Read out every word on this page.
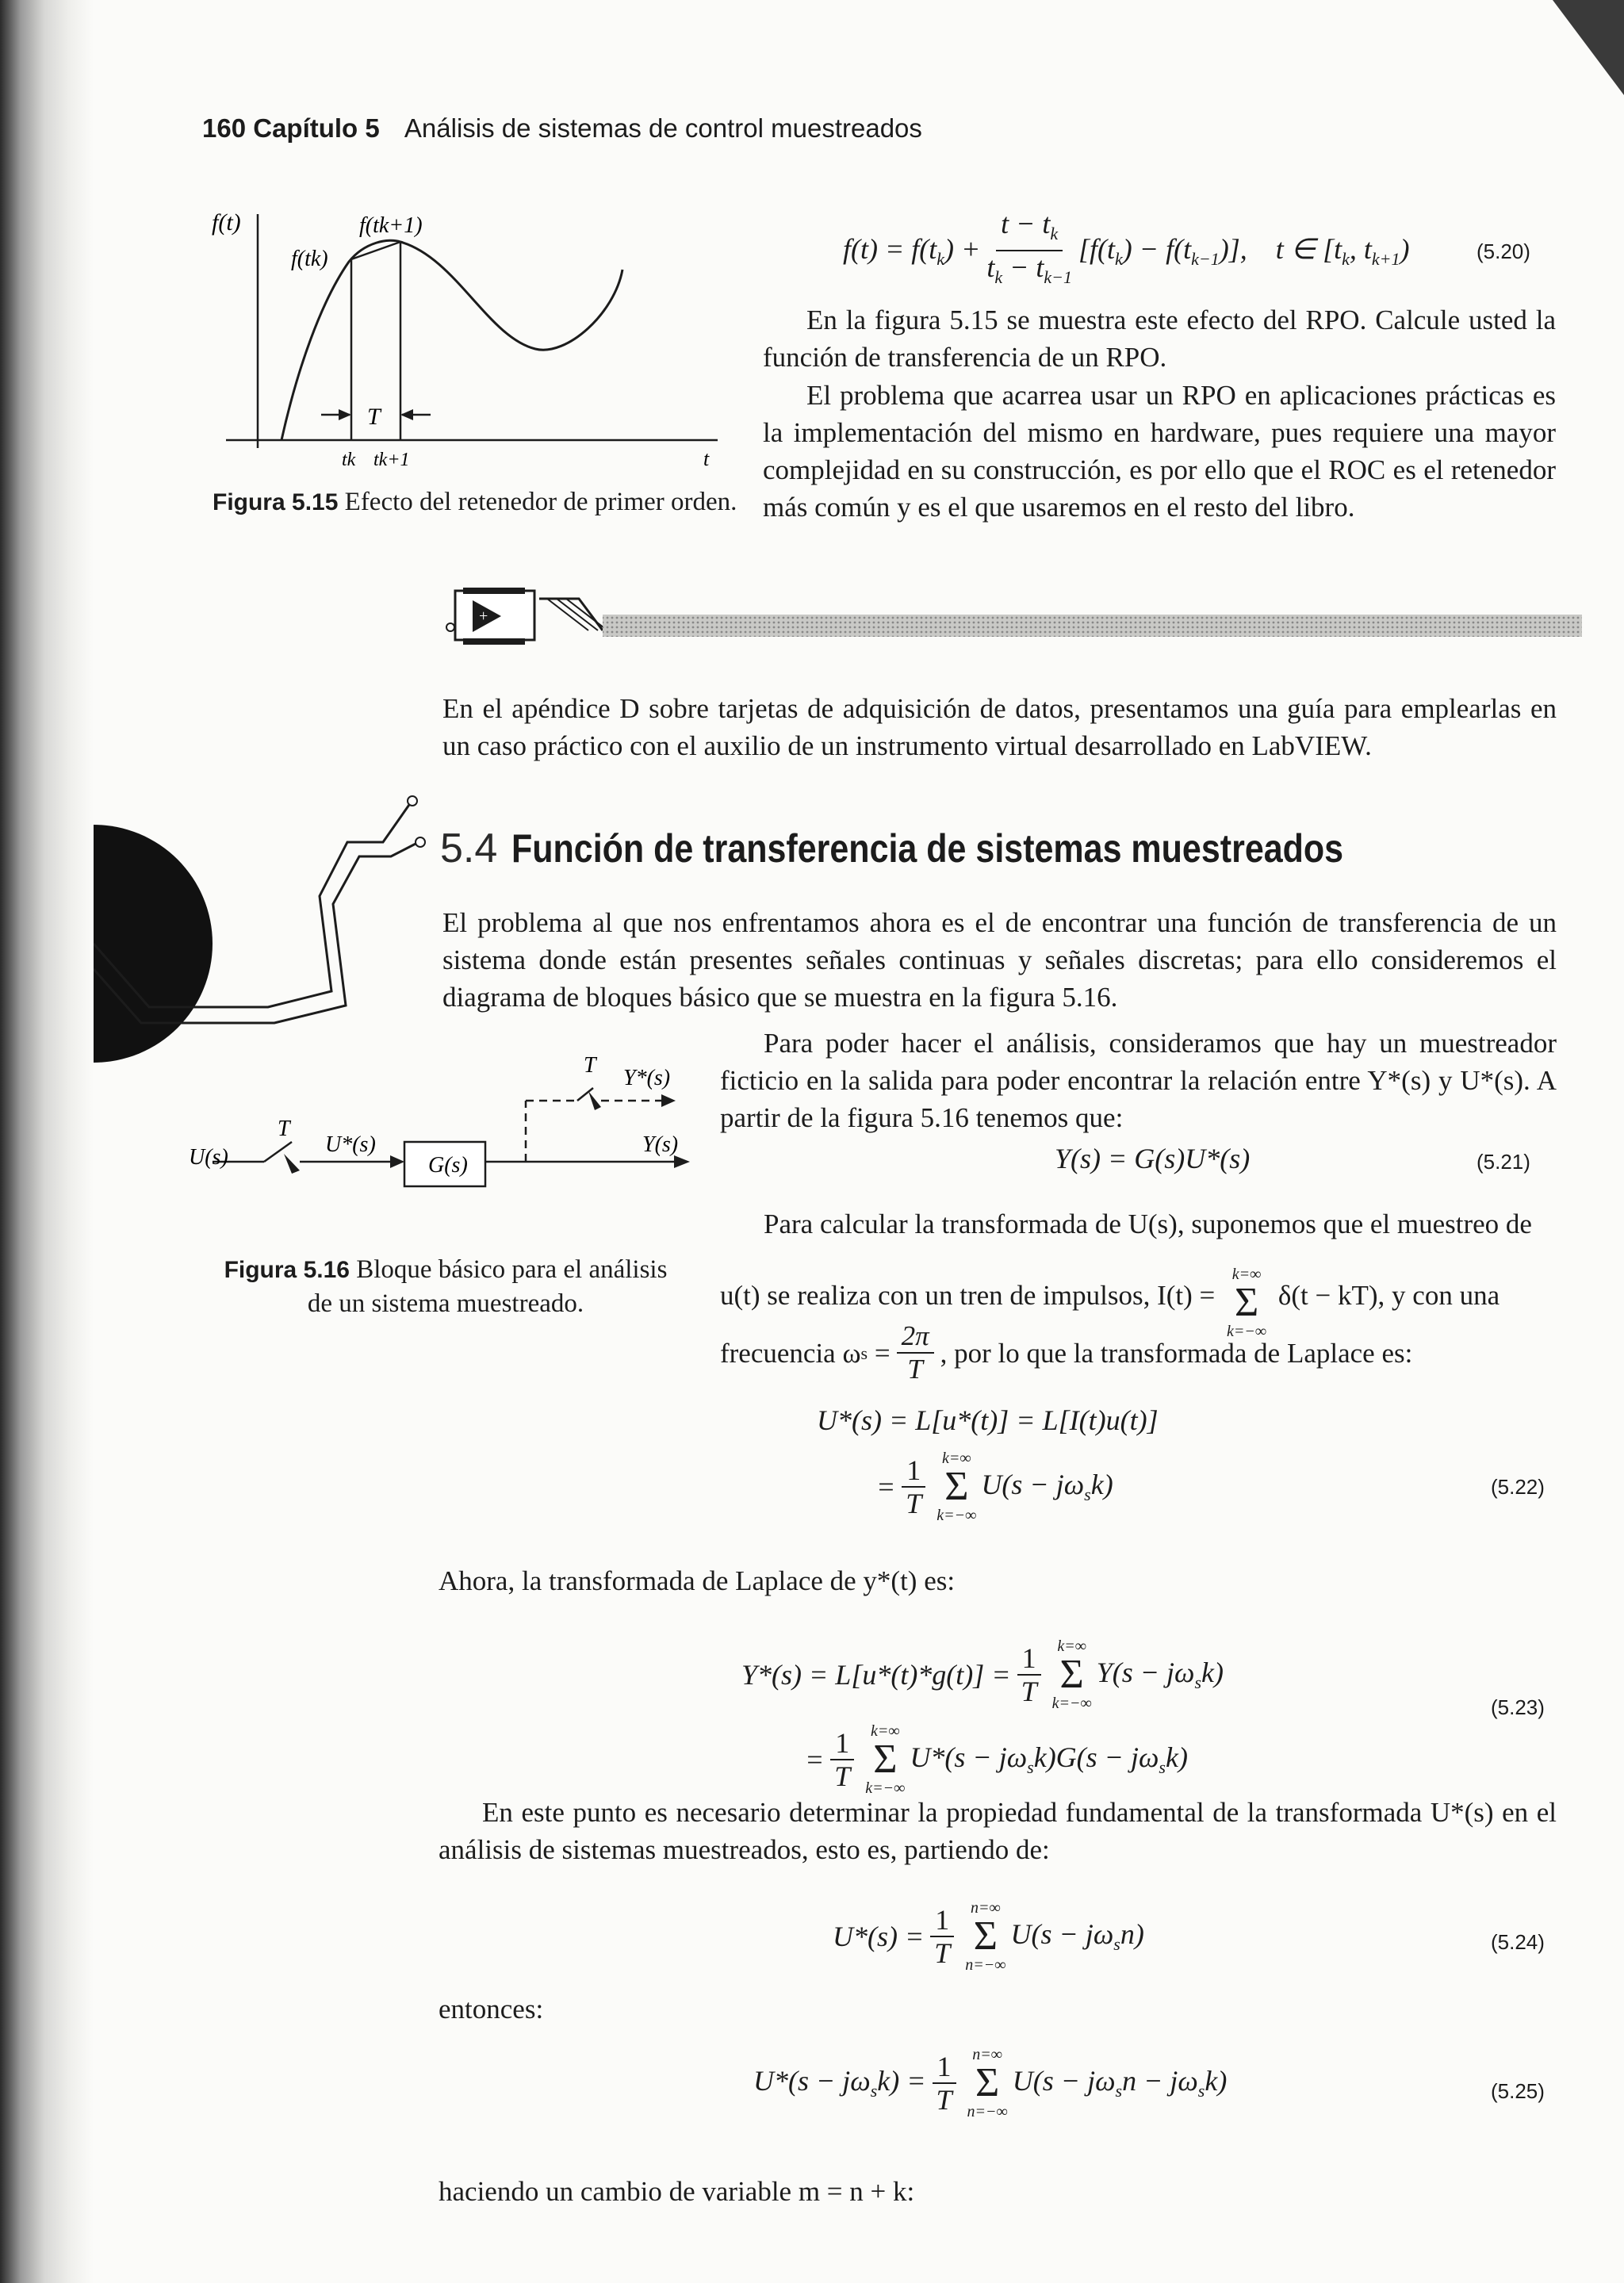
160 Capítulo 5 Análisis de sistemas de control muestreados
f(t)
f(tk)
f(tk+1)
T
tk tk+1	t
Figura 5.15 Efecto del retenedor de primer orden.
$f(t) = f(t_k) + \frac{t - t_k}{t_k - t_{k-1}} [f(t_k) - f(t_{k-1})]$,    t ∈ [$t_k$, $t_{k+1}$)	(5.20)
En la figura 5.15 se muestra este efecto del RPO. Calcule usted la función de transferencia de un RPO.
El problema que acarrea usar un RPO en aplicaciones prácticas es la implementación del mismo en hardware, pues requiere una mayor complejidad en su construcción, es por ello que el ROC es el retenedor más común y es el que usaremos en el resto del libro.
+
En el apéndice D sobre tarjetas de adquisición de datos, presentamos una guía para emplearlas en un caso práctico con el auxilio de un instrumento virtual desarrollado en LabVIEW.
5.4 Función de transferencia de sistemas muestreados
El problema al que nos enfrentamos ahora es el de encontrar una función de transferencia de un sistema donde están presentes señales continuas y señales discretas; para ello consideremos el diagrama de bloques básico que se muestra en la figura 5.16.
Para poder hacer el análisis, consideramos que hay un muestreador ficticio en la salida para poder encontrar la relación entre Y*(s) y U*(s). A partir de la figura 5.16 tenemos que:
U(s)
T
U*(s)
G(s)
Y(s)
Y*(s)
T
Figura 5.16 Bloque básico para el análisis
de un sistema muestreado.
Y(s) = G(s)U*(s)	(5.21)
Para calcular la transformada de U(s), suponemos que el muestreo de
u(t) se realiza con un tren de impulsos, I(t) =
k=∞
Σ
k=−∞
δ(t − kT), y con una
frecuencia ω $s = \frac{2\pi}{T}$ , por lo que la transformada de Laplace es:
U*(s) = L[u*(t)] = L[I(t)u(t)]
= $\frac{1}{T} k=\infty$
Σ
k=−∞
$U(s - j\omega_sk)$	(5.22)
Ahora, la transformada de Laplace de y*(t) es:
$Y*(s) = L[u*(t)*g(t)] = \frac{1}{T} k=\infty$
Σ
k=−∞
$Y(s - j\omega_sk)$
= $\frac{1}{T} k=\infty$
Σ
k=−∞
$U*(s - j\omega_sk)G(s - j\omega_sk)$
(5.23)
En este punto es necesario determinar la propiedad fundamental de la transformada U*(s) en el análisis de sistemas muestreados, esto es, partiendo de:
$U*(s) = \frac{1}{T} n=\infty$
Σ
n=−∞
$U(s - j\omega_sn)$	(5.24)
entonces:
$U*(s - j\omega_sk) = \frac{1}{T} n=\infty$
Σ
n=−∞
$U(s - j\omega_sn - j\omega_sk)$	(5.25)
haciendo un cambio de variable m = n + k:
